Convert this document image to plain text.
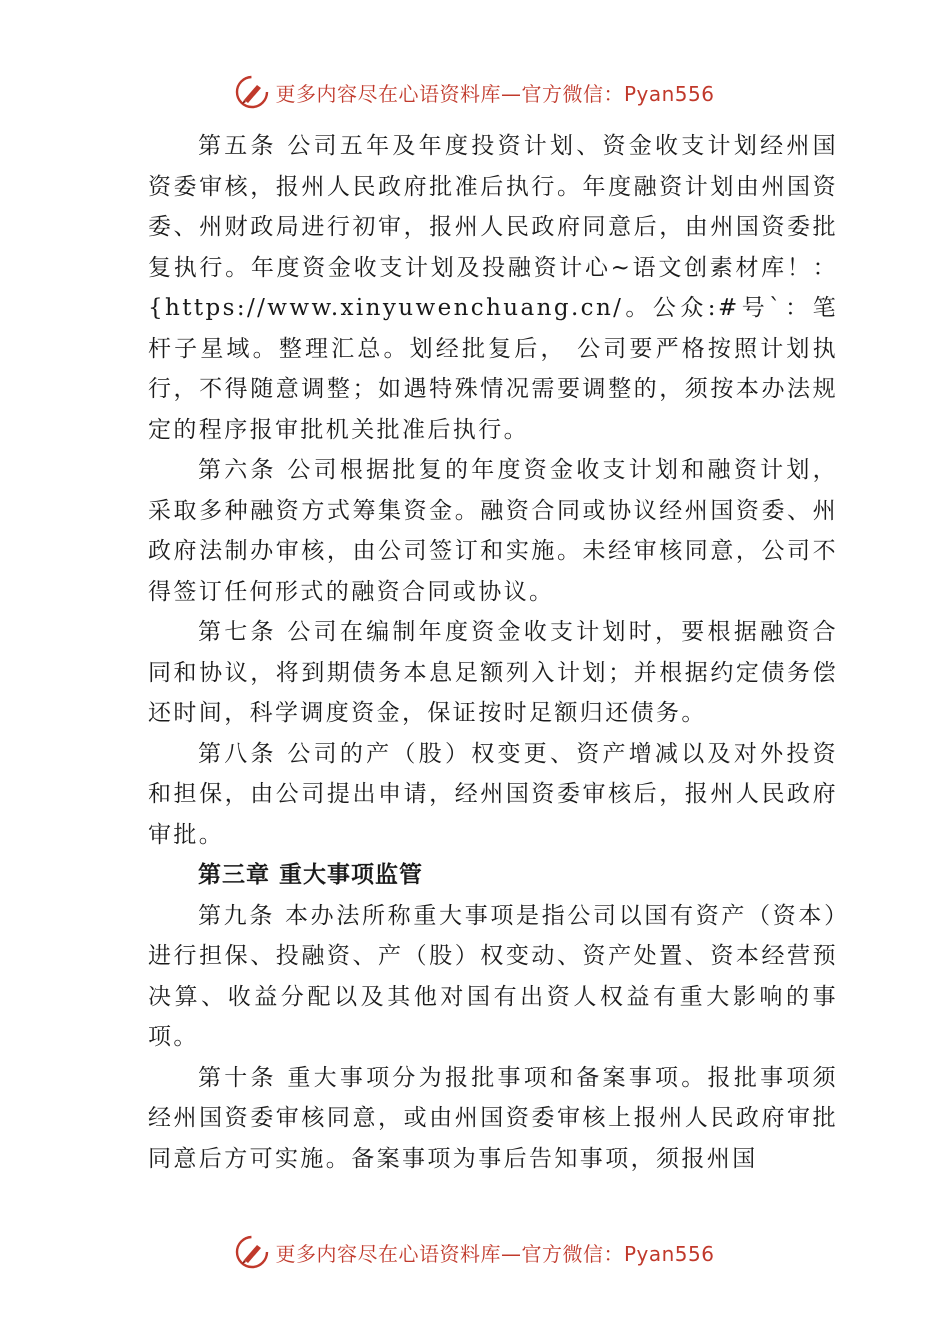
更多内容尽在心语资料库—官方微信：Pyan556

第五条 公司五年及年度投资计划、资金收支计划经州国资委审核，报州人民政府批准后执行。年度融资计划由州国资委、州财政局进行初审，报州人民政府同意后，由州国资委批复执行。年度资金收支计划及投融资计心~语文创素材库！：{https://www.xinyuwenchuang.cn/。公众:#号`：笔杆子星域。整理汇总。划经批复后， 公司要严格按照计划执行，不得随意调整；如遇特殊情况需要调整的，须按本办法规定的程序报审批机关批准后执行。

第六条 公司根据批复的年度资金收支计划和融资计划，采取多种融资方式筹集资金。融资合同或协议经州国资委、州政府法制办审核，由公司签订和实施。未经审核同意，公司不得签订任何形式的融资合同或协议。

第七条 公司在编制年度资金收支计划时，要根据融资合同和协议，将到期债务本息足额列入计划；并根据约定债务偿还时间，科学调度资金，保证按时足额归还债务。

第八条 公司的产（股）权变更、资产增减以及对外投资和担保，由公司提出申请，经州国资委审核后，报州人民政府审批。

第三章 重大事项监管

第九条 本办法所称重大事项是指公司以国有资产（资本）进行担保、投融资、产（股）权变动、资产处置、资本经营预决算、收益分配以及其他对国有出资人权益有重大影响的事项。

第十条 重大事项分为报批事项和备案事项。报批事项须经州国资委审核同意，或由州国资委审核上报州人民政府审批同意后方可实施。备案事项为事后告知事项，须报州国

更多内容尽在心语资料库—官方微信：Pyan556
